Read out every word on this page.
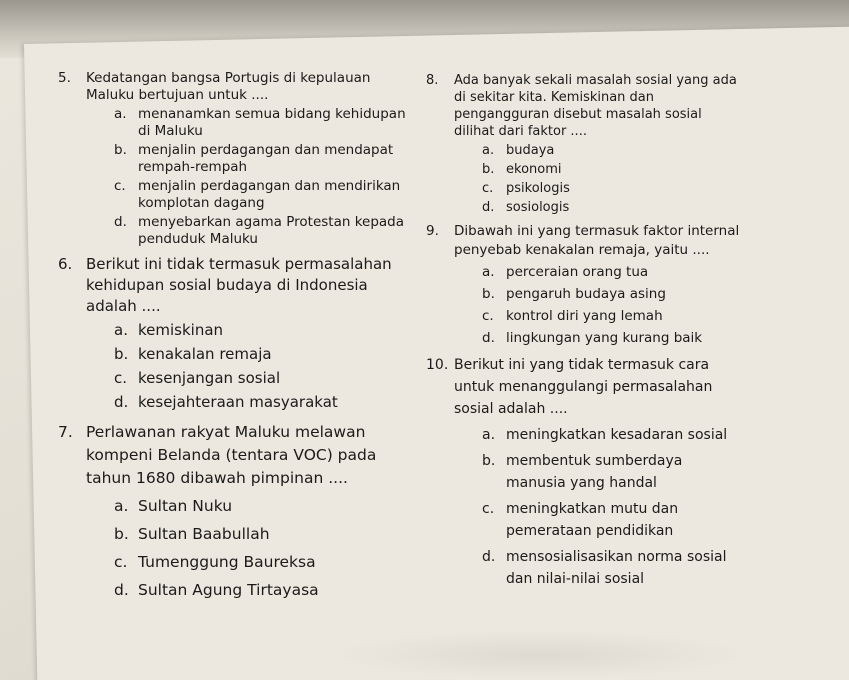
5. Kedatangan bangsa Portugis di kepulauan Maluku bertujuan untuk ....
a. menanamkan semua bidang kehidupan di Maluku
b. menjalin perdagangan dan mendapat rempah-rempah
c. menjalin perdagangan dan mendirikan komplotan dagang
d. menyebarkan agama Protestan kepada penduduk Maluku
6. Berikut ini tidak termasuk permasalahan kehidupan sosial budaya di Indonesia adalah ....
a. kemiskinan
b. kenakalan remaja
c. kesenjangan sosial
d. kesejahteraan masyarakat
7. Perlawanan rakyat Maluku melawan kompeni Belanda (tentara VOC) pada tahun 1680 dibawah pimpinan ....
a. Sultan Nuku
b. Sultan Baabullah
c. Tumenggung Baureksa
d. Sultan Agung Tirtayasa
8. Ada banyak sekali masalah sosial yang ada di sekitar kita. Kemiskinan dan pengangguran disebut masalah sosial dilihat dari faktor ....
a. budaya
b. ekonomi
c. psikologis
d. sosiologis
9. Dibawah ini yang termasuk faktor internal penyebab kenakalan remaja, yaitu ....
a. perceraian orang tua
b. pengaruh budaya asing
c. kontrol diri yang lemah
d. lingkungan yang kurang baik
10. Berikut ini yang tidak termasuk cara untuk menanggulangi permasalahan sosial adalah ....
a. meningkatkan kesadaran sosial
b. membentuk sumberdaya manusia yang handal
c. meningkatkan mutu dan pemerataan pendidikan
d. mensosialisasikan norma sosial dan nilai-nilai sosial
